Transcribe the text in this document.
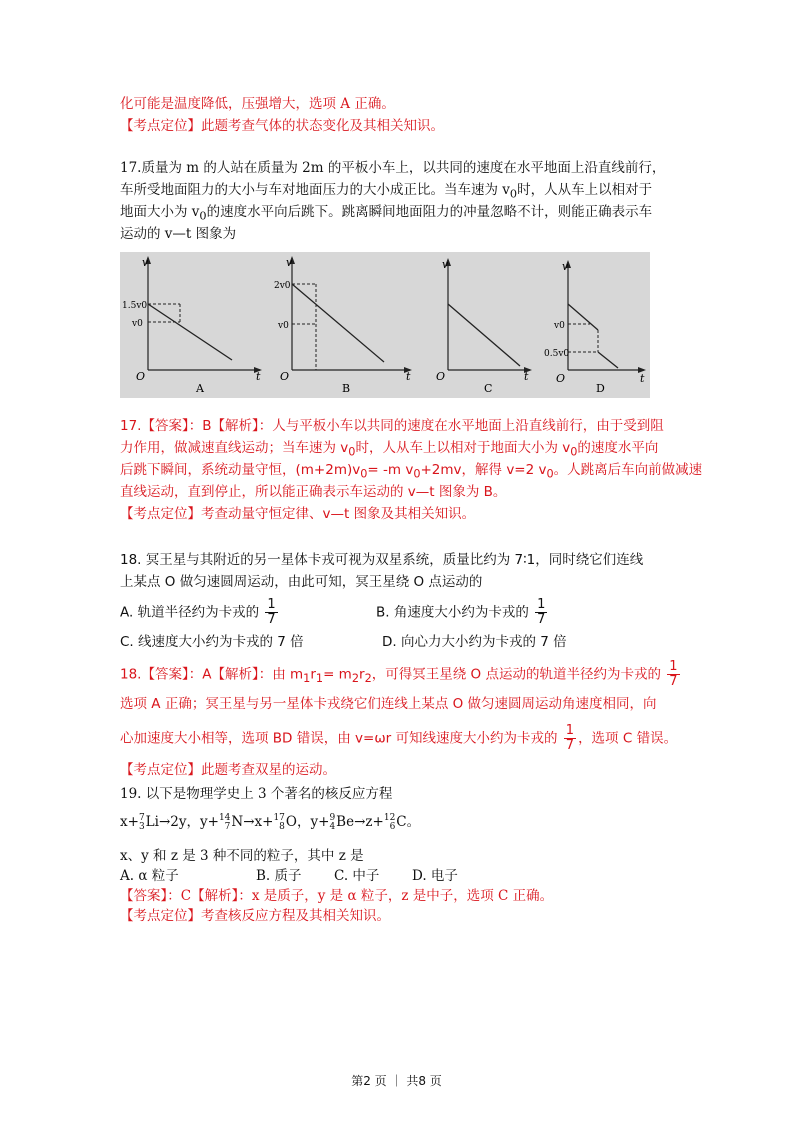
化可能是温度降低，压强增大，选项 A 正确。
【考点定位】此题考查气体的状态变化及其相关知识。
17.质量为 m 的人站在质量为 2m 的平板小车上，以共同的速度在水平地面上沿直线前行，
车所受地面阻力的大小与车对地面压力的大小成正比。当车速为 $v_0$时，人从车上以相对于
地面大小为 $v_0$的速度水平向后跳下。跳离瞬间地面阻力的冲量忽略不计，则能正确表示车
运动的 v—t 图象为
v
t
O
1.5v0
v0
A
v
t
O
2v0
v0
B
v
t
O
C
v
t
O
v0
0.5v0
D
17.【答案】：B【解析】：人与平板小车以共同的速度在水平地面上沿直线前行，由于受到阻
力作用，做减速直线运动；当车速为 $v_0$时，人从车上以相对于地面大小为 $v_0$的速度水平向
后跳下瞬间，系统动量守恒，$(m+2m)v_0= -m$ $v_0+2mv$，解得 v=2 $v_0$。人跳离后车向前做减速
直线运动，直到停止，所以能正确表示车运动的 v—t 图象为 B。
【考点定位】考查动量守恒定律、v—t 图象及其相关知识。
18. 冥王星与其附近的另一星体卡戎可视为双星系统，质量比约为 7∶1，同时绕它们连线
上某点 O 做匀速圆周运动，由此可知，冥王星绕 O 点运动的
A. 轨道半径约为卡戎的 $\frac{1}{7}$	B. 角速度大小约为卡戎的 $\frac{1}{7}$
C. 线速度大小约为卡戎的 7 倍	D. 向心力大小约为卡戎的 7 倍
18.【答案】：A【解析】：由 $m_1r_1= m_2r_2$，可得冥王星绕 O 点运动的轨道半径约为卡戎的 $\frac{1}{7}$
选项 A 正确；冥王星与另一星体卡戎绕它们连线上某点 O 做匀速圆周运动角速度相同，向
心加速度大小相等，选项 BD 错误，由 v=ωr 可知线速度大小约为卡戎的 $\frac{1}{7}$ ，选项 C 错误。
【考点定位】此题考查双星的运动。
19. 以下是物理学史上 3 个著名的核反应方程
x+ 7
3 Li→2y，y+ 14
7 N→x+ 17
8 O，y+ 9
4 Be→z+ 12
6 C。
x、y 和 z 是 3 种不同的粒子，其中 z 是
A. α 粒子	B. 质子 C. 中子 D. 电子
【答案】：C【解析】：x 是质子，y 是 α 粒子，z 是中子，选项 C 正确。
【考点定位】考查核反应方程及其相关知识。
第2 页 ｜ 共8 页
